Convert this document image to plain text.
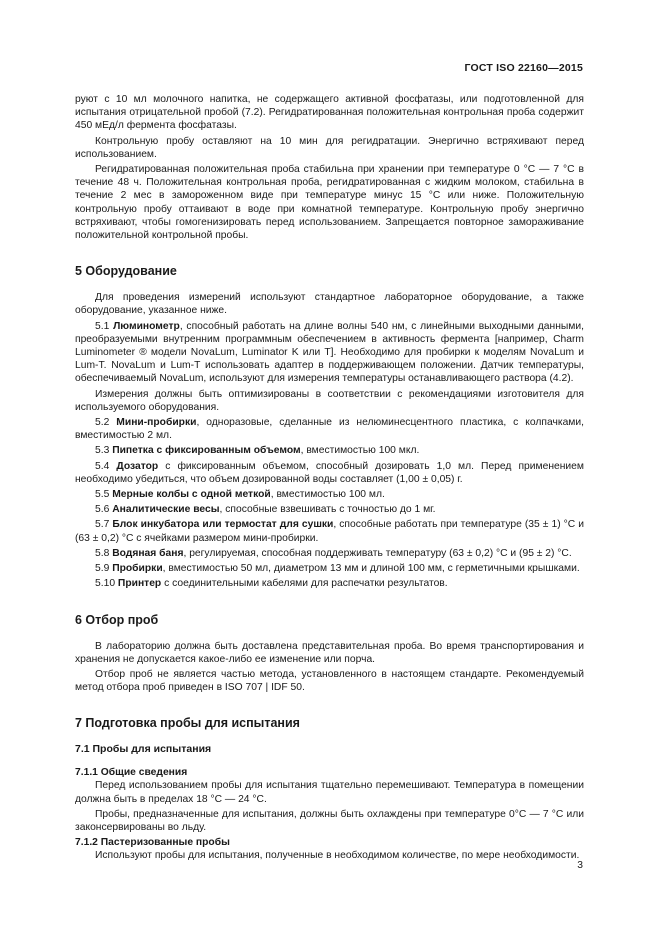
ГОСТ ISO 22160—2015

руют с 10 мл молочного напитка, не содержащего активной фосфатазы, или подготовленной для испытания отрицательной пробой (7.2). Регидратированная положительная контрольная проба содержит 450 мЕд/л фермента фосфатазы.

Контрольную пробу оставляют на 10 мин для регидратации. Энергично встряхивают перед использованием.

Регидратированная положительная проба стабильна при хранении при температуре 0 °С — 7 °С в течение 48 ч. Положительная контрольная проба, регидратированная с жидким молоком, стабильна в течение 2 мес в замороженном виде при температуре минус 15 °С или ниже. Положительную контрольную пробу оттаивают в воде при комнатной температуре. Контрольную пробу энергично встряхивают, чтобы гомогенизировать перед использованием. Запрещается повторное замораживание положительной контрольной пробы.

5 Оборудование

Для проведения измерений используют стандартное лабораторное оборудование, а также оборудование, указанное ниже.

5.1 Люминометр, способный работать на длине волны 540 нм, с линейными выходными данными, преобразуемыми внутренним программным обеспечением в активность фермента [например, Charm Luminometer ® модели NovaLum, Luminator K или T]. Необходимо для пробирки к моделям NovaLum и Lum-T. NovaLum и Lum-T использовать адаптер в поддерживающем положении. Датчик температуры, обеспечиваемый NovaLum, используют для измерения температуры останавливающего раствора (4.2).

Измерения должны быть оптимизированы в соответствии с рекомендациями изготовителя для используемого оборудования.

5.2 Мини-пробирки, одноразовые, сделанные из нелюминесцентного пластика, с колпачками, вместимостью 2 мл.

5.3 Пипетка с фиксированным объемом, вместимостью 100 мкл.

5.4 Дозатор с фиксированным объемом, способный дозировать 1,0 мл. Перед применением необходимо убедиться, что объем дозированной воды составляет (1,00 ± 0,05) г.

5.5 Мерные колбы с одной меткой, вместимостью 100 мл.

5.6 Аналитические весы, способные взвешивать с точностью до 1 мг.

5.7 Блок инкубатора или термостат для сушки, способные работать при температуре (35 ± 1) °С и (63 ± 0,2) °С с ячейками размером мини-пробирки.

5.8 Водяная баня, регулируемая, способная поддерживать температуру (63 ± 0,2) °С и (95 ± 2) °С.

5.9 Пробирки, вместимостью 50 мл, диаметром 13 мм и длиной 100 мм, с герметичными крышками.

5.10 Принтер с соединительными кабелями для распечатки результатов.

6 Отбор проб

В лабораторию должна быть доставлена представительная проба. Во время транспортирования и хранения не допускается какое-либо ее изменение или порча.

Отбор проб не является частью метода, установленного в настоящем стандарте. Рекомендуемый метод отбора проб приведен в ISO 707 | IDF 50.

7 Подготовка пробы для испытания
7.1 Пробы для испытания
7.1.1 Общие сведения

Перед использованием пробы для испытания тщательно перемешивают. Температура в помещении должна быть в пределах 18 °С — 24 °С.

Пробы, предназначенные для испытания, должны быть охлаждены при температуре 0°С — 7 °С или законсервированы во льду.

7.1.2 Пастеризованные пробы

Используют пробы для испытания, полученные в необходимом количестве, по мере необходимости.

3
